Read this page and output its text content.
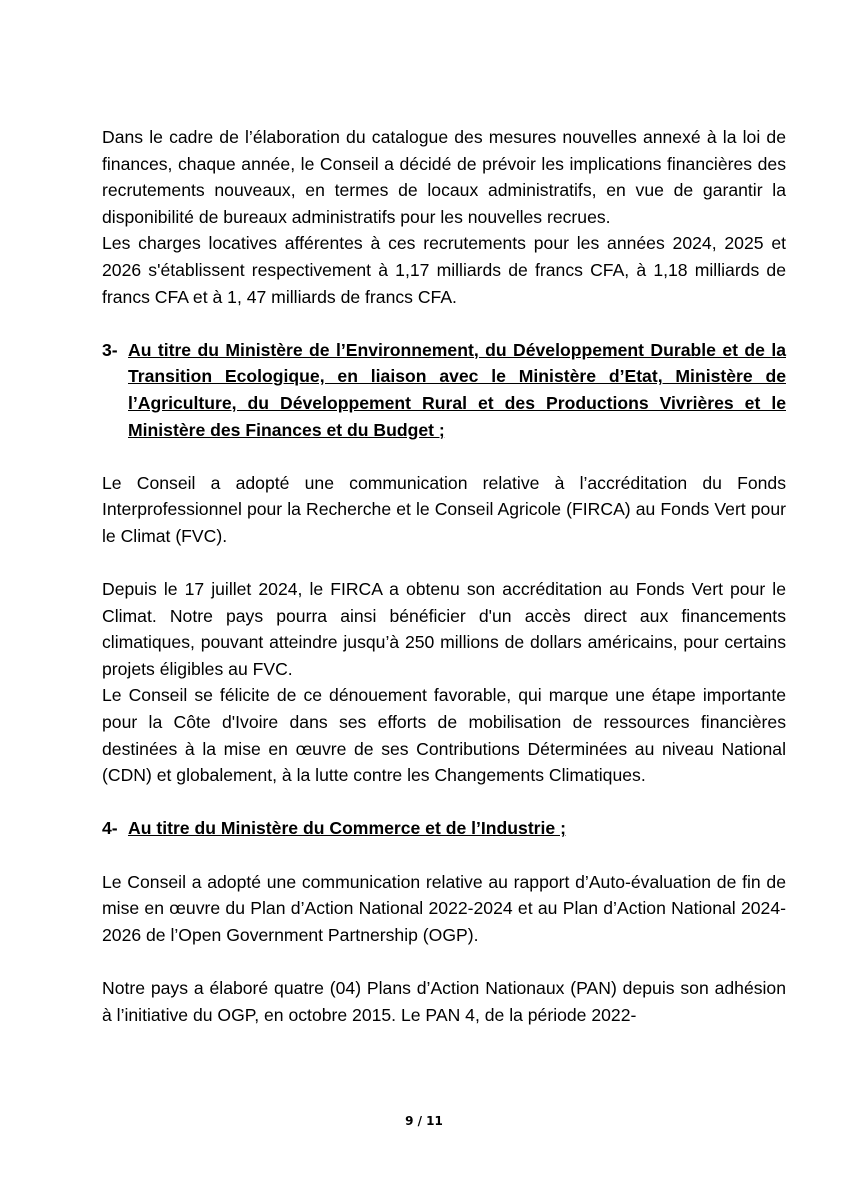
Dans le cadre de l’élaboration du catalogue des mesures nouvelles annexé à la loi de finances, chaque année, le Conseil a décidé de prévoir les implications financières des recrutements nouveaux, en termes de locaux administratifs, en vue de garantir la disponibilité de bureaux administratifs pour les nouvelles recrues.

Les charges locatives afférentes à ces recrutements pour les années 2024, 2025 et 2026 s'établissent respectivement à 1,17 milliards de francs CFA, à 1,18 milliards de francs CFA et à 1, 47 milliards de francs CFA.

3- Au titre du Ministère de l’Environnement, du Développement Durable et de la Transition Ecologique, en liaison avec le Ministère d’Etat, Ministère de l’Agriculture, du Développement Rural et des Productions Vivrières et le Ministère des Finances et du Budget ;

Le Conseil a adopté une communication relative à l’accréditation du Fonds Interprofessionnel pour la Recherche et le Conseil Agricole (FIRCA) au Fonds Vert pour le Climat (FVC).

Depuis le 17 juillet 2024, le FIRCA a obtenu son accréditation au Fonds Vert pour le Climat. Notre pays pourra ainsi bénéficier d'un accès direct aux financements climatiques, pouvant atteindre jusqu’à 250 millions de dollars américains, pour certains projets éligibles au FVC.

Le Conseil se félicite de ce dénouement favorable, qui marque une étape importante pour la Côte d'Ivoire dans ses efforts de mobilisation de ressources financières destinées à la mise en œuvre de ses Contributions Déterminées au niveau National (CDN) et globalement, à la lutte contre les Changements Climatiques.

4- Au titre du Ministère du Commerce et de l’Industrie ;

Le Conseil a adopté une communication relative au rapport d’Auto-évaluation de fin de mise en œuvre du Plan d’Action National 2022-2024 et au Plan d’Action National 2024-2026 de l’Open Government Partnership (OGP).

Notre pays a élaboré quatre (04) Plans d’Action Nationaux (PAN) depuis son adhésion à l’initiative du OGP, en octobre 2015. Le PAN 4, de la période 2022-

9 / 11
